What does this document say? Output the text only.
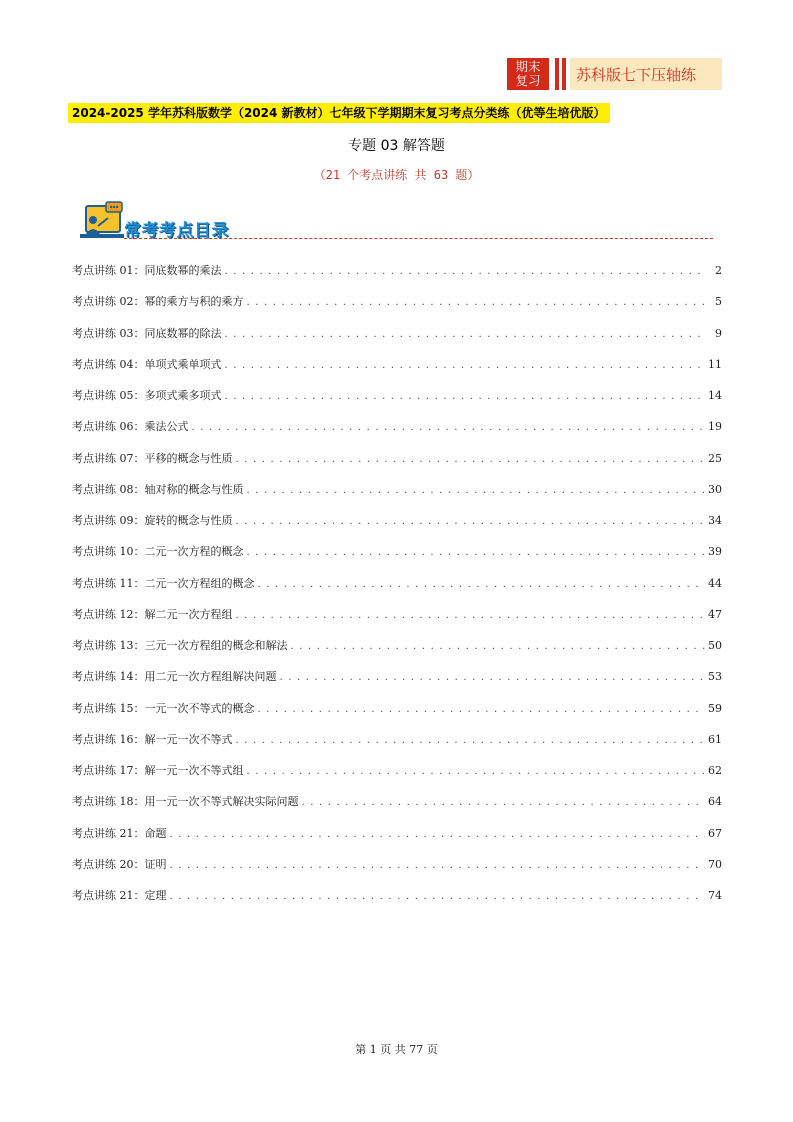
期末
复习	苏科版七下压轴练
2024-2025 学年苏科版数学（2024 新教材）七年级下学期期末复习考点分类练（优等生培优版）
专题 03 解答题
（21 个考点讲练 共 63 题）
常考考点目录
考点讲练 01：同底数幂的乘法 . . .	2
考点讲练 02：幂的乘方与积的乘方 . . .	5
考点讲练 03：同底数幂的除法 . . .	9
考点讲练 04：单项式乘单项式 . . .	11
考点讲练 05：多项式乘多项式 . . .	14
考点讲练 06：乘法公式 . . .	19
考点讲练 07：平移的概念与性质 . . .	25
考点讲练 08：轴对称的概念与性质 . . .	30
考点讲练 09：旋转的概念与性质 . . .	34
考点讲练 10：二元一次方程的概念 . . .	39
考点讲练 11：二元一次方程组的概念 . . .	44
考点讲练 12：解二元一次方程组 . . .	47
考点讲练 13：三元一次方程组的概念和解法 . . .	50
考点讲练 14：用二元一次方程组解决问题 . . .	53
考点讲练 15：一元一次不等式的概念 . . .	59
考点讲练 16：解一元一次不等式 . . .	61
考点讲练 17：解一元一次不等式组 . . .	62
考点讲练 18：用一元一次不等式解决实际问题 . . .	64
考点讲练 21：命题 . . .	67
考点讲练 20：证明 . . .	70
考点讲练 21：定理 . . .	74
第 1 页 共 77 页
